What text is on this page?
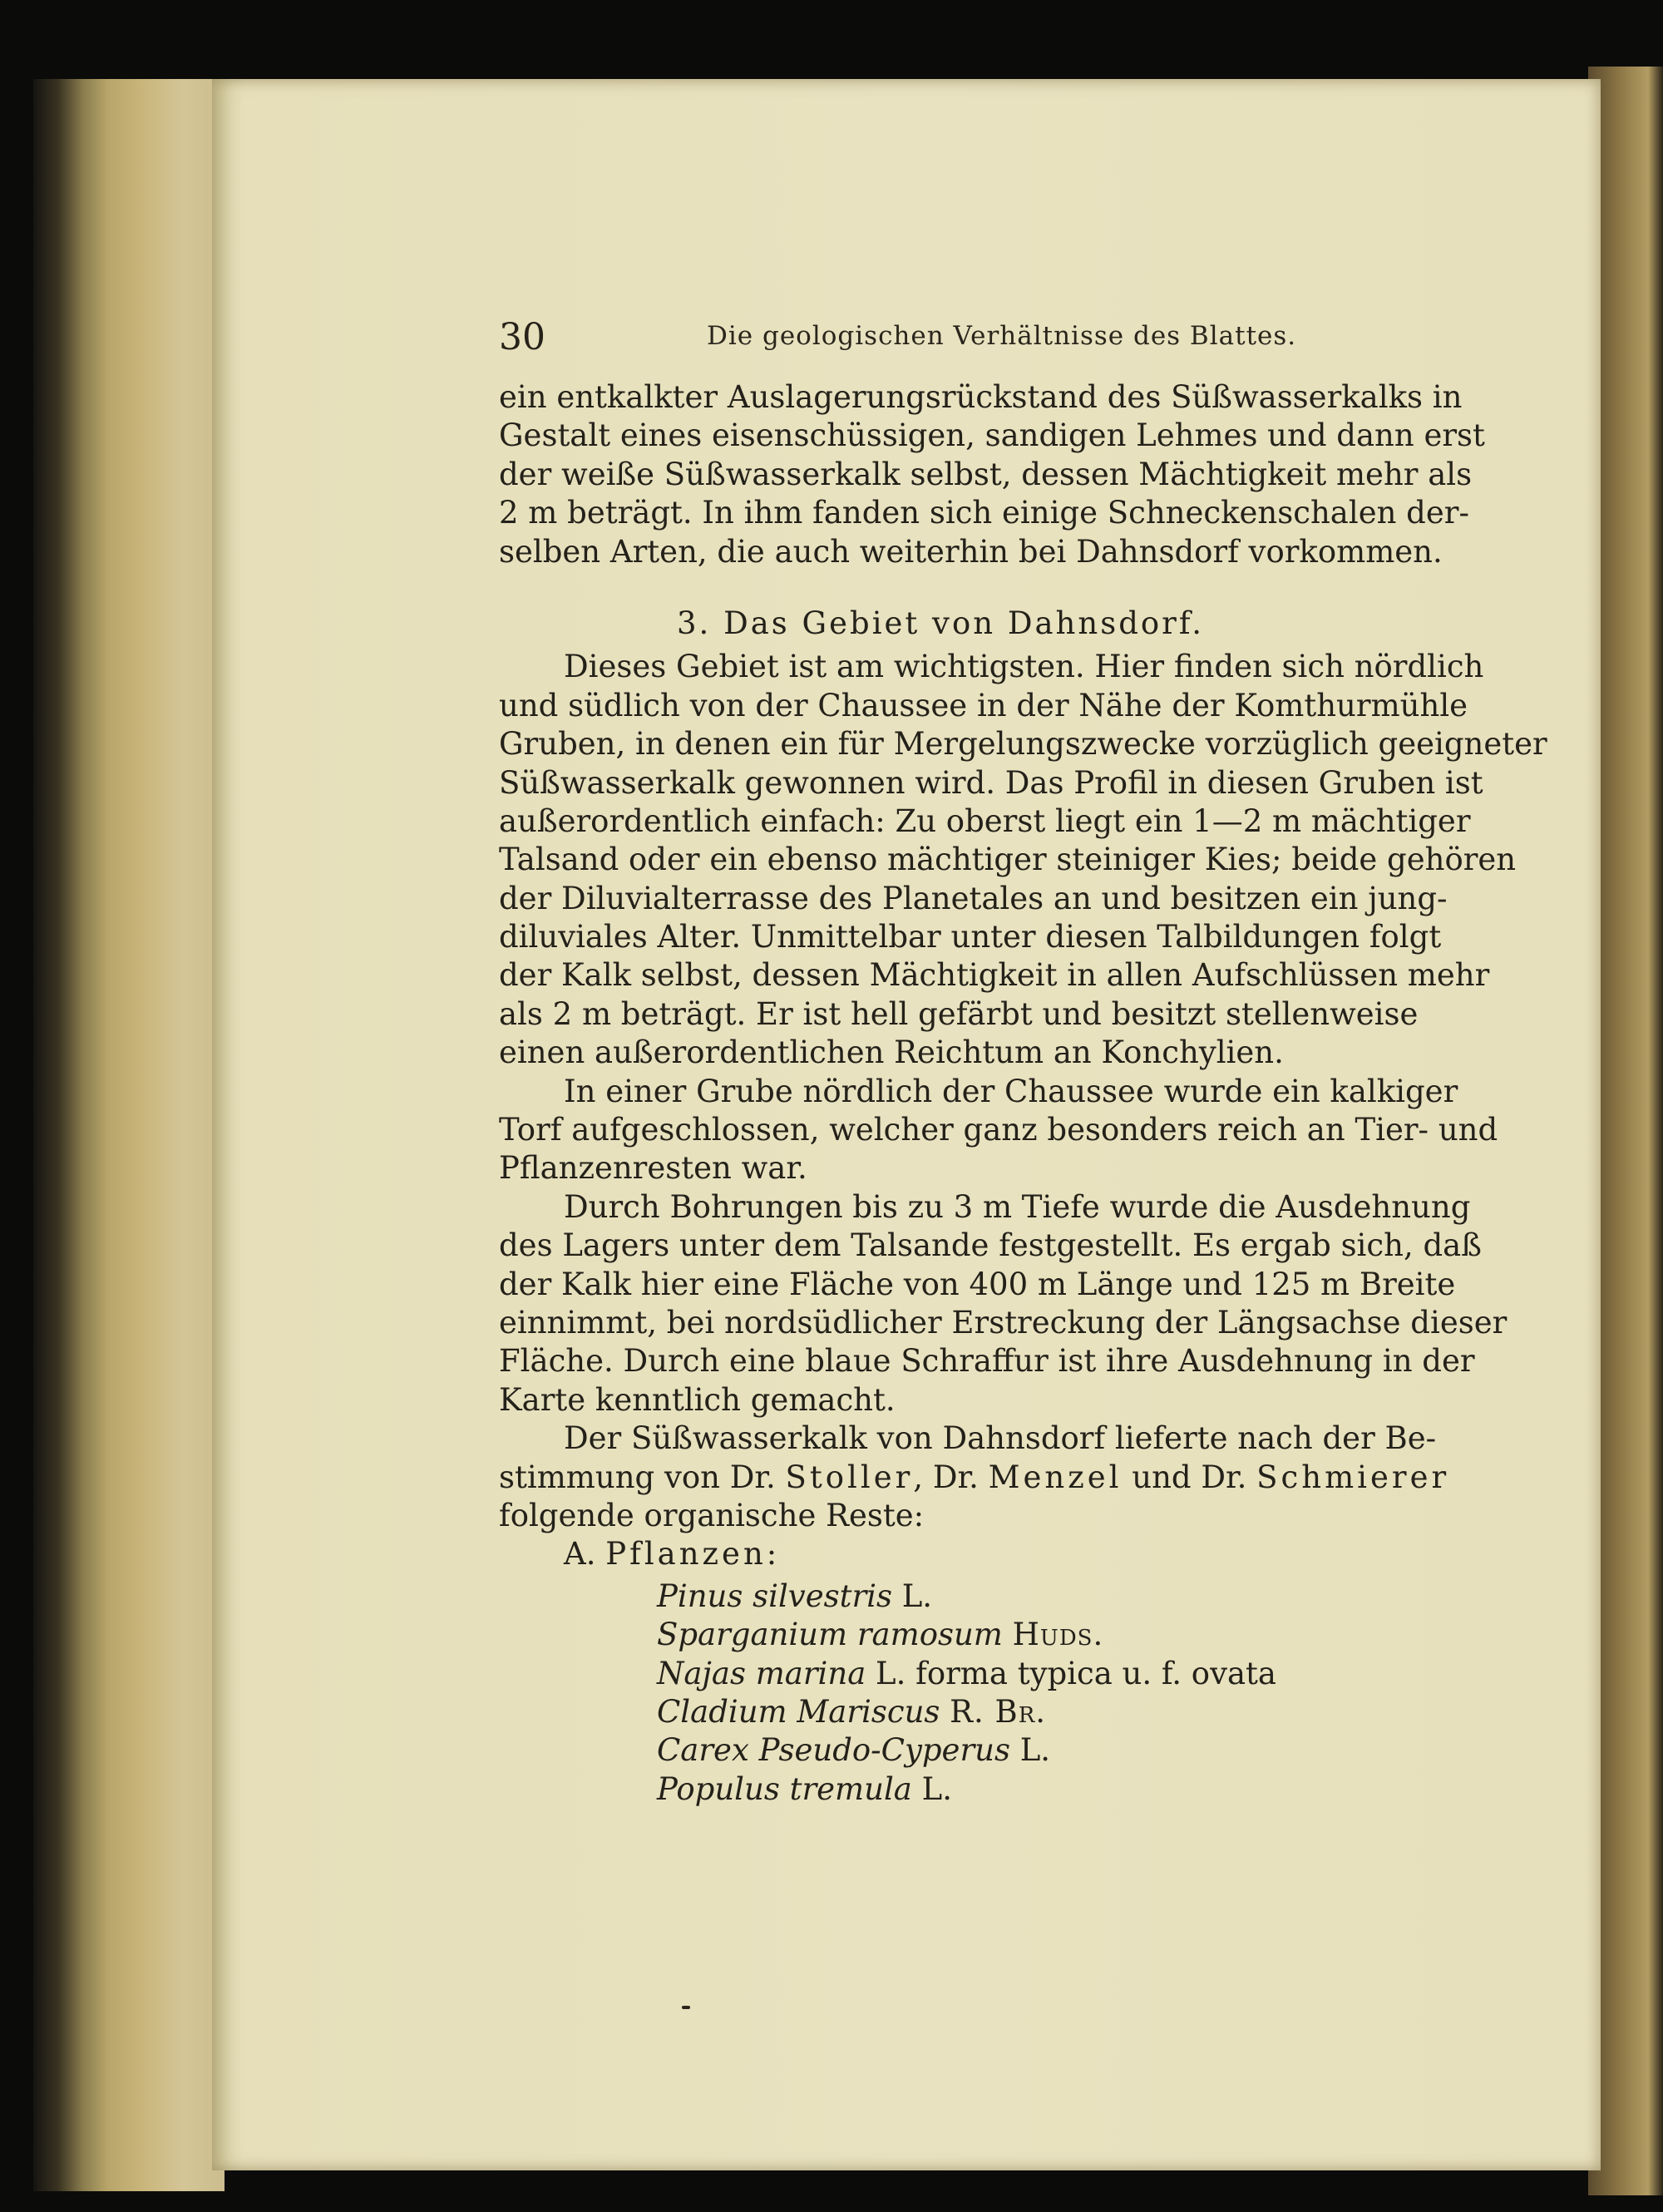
30	Die geologischen Verhältnisse des Blattes.
ein entkalkter Auslagerungsrückstand des Süßwasserkalks in
Gestalt eines eisenschüssigen, sandigen Lehmes und dann erst
der weiße Süßwasserkalk selbst, dessen Mächtigkeit mehr als
2 m beträgt. In ihm fanden sich einige Schneckenschalen der-
selben Arten, die auch weiterhin bei Dahnsdorf vorkommen.
3. Das Gebiet von Dahnsdorf.
Dieses Gebiet ist am wichtigsten. Hier finden sich nördlich
und südlich von der Chaussee in der Nähe der Komthurmühle
Gruben, in denen ein für Mergelungszwecke vorzüglich geeigneter
Süßwasserkalk gewonnen wird. Das Profil in diesen Gruben ist
außerordentlich einfach: Zu oberst liegt ein 1—2 m mächtiger
Talsand oder ein ebenso mächtiger steiniger Kies; beide gehören
der Diluvialterrasse des Planetales an und besitzen ein jung-
diluviales Alter. Unmittelbar unter diesen Talbildungen folgt
der Kalk selbst, dessen Mächtigkeit in allen Aufschlüssen mehr
als 2 m beträgt. Er ist hell gefärbt und besitzt stellenweise
einen außerordentlichen Reichtum an Konchylien.
In einer Grube nördlich der Chaussee wurde ein kalkiger
Torf aufgeschlossen, welcher ganz besonders reich an Tier- und
Pflanzenresten war.
Durch Bohrungen bis zu 3 m Tiefe wurde die Ausdehnung
des Lagers unter dem Talsande festgestellt. Es ergab sich, daß
der Kalk hier eine Fläche von 400 m Länge und 125 m Breite
einnimmt, bei nordsüdlicher Erstreckung der Längsachse dieser
Fläche. Durch eine blaue Schraffur ist ihre Ausdehnung in der
Karte kenntlich gemacht.
Der Süßwasserkalk von Dahnsdorf lieferte nach der Be-
stimmung von Dr. Stoller, Dr. Menzel und Dr. Schmierer
folgende organische Reste:
A. Pflanzen:
Pinus silvestris L.
Sparganium ramosum Huds.
Najas marina L. forma typica u. f. ovata
Cladium Mariscus R. Br.
Carex Pseudo-Cyperus L.
Populus tremula L.
